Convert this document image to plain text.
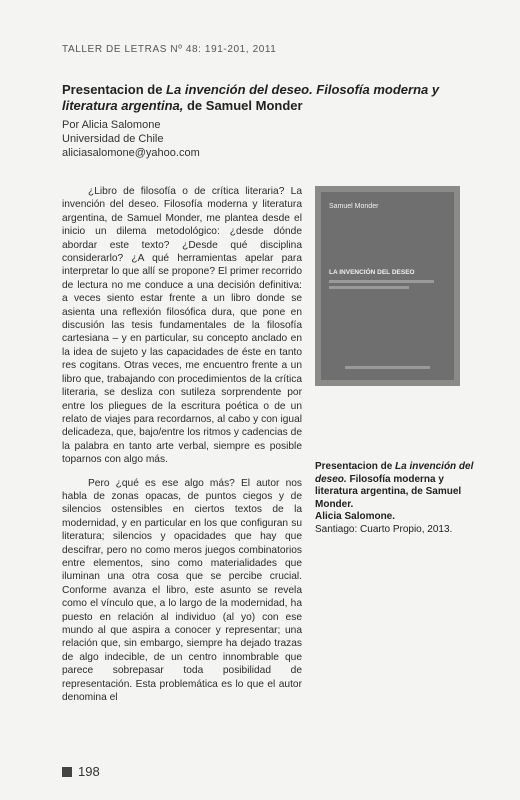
TALLER DE LETRAS Nº 48: 191-201, 2011
Presentacion de La invención del deseo. Filosofía moderna y literatura argentina, de Samuel Monder
Por Alicia Salomone
Universidad de Chile
aliciasalomone@yahoo.com

¿Libro de filosofía o de crítica literaria? La invención del deseo. Filosofía moderna y literatura argentina, de Samuel Monder, me plantea desde el inicio un dilema metodológico: ¿desde dónde abordar este texto? ¿Desde qué disciplina considerarlo? ¿A qué herramientas apelar para interpretar lo que allí se propone? El primer recorrido de lectura no me conduce a una decisión definitiva: a veces siento estar frente a un libro donde se asienta una reflexión filosófica dura, que pone en discusión las tesis fundamentales de la filosofía cartesiana – y en particular, su concepto anclado en la idea de sujeto y las capacidades de éste en tanto res cogitans. Otras veces, me encuentro frente a un libro que, trabajando con procedimientos de la crítica literaria, se desliza con sutileza sorprendente por entre los pliegues de la escritura poética o de un relato de viajes para recordarnos, al cabo y con igual delicadeza, que, bajo/entre los ritmos y cadencias de la palabra en tanto arte verbal, siempre es posible toparnos con algo más.

Pero ¿qué es ese algo más? El autor nos habla de zonas opacas, de puntos ciegos y de silencios ostensibles en ciertos textos de la modernidad, y en particular en los que configuran su literatura; silencios y opacidades que hay que descifrar, pero no como meros juegos combinatorios entre elementos, sino como materialidades que iluminan una otra cosa que se percibe crucial. Conforme avanza el libro, este asunto se revela como el vínculo que, a lo largo de la modernidad, ha puesto en relación al individuo (al yo) con ese mundo al que aspira a conocer y representar; una relación que, sin embargo, siempre ha dejado trazas de algo indecible, de un centro innombrable que parece sobrepasar toda posibilidad de representación. Esta problemática es lo que el autor denomina el

Samuel Monder
LA INVENCIÓN DEL DESEO
Presentacion de La invención del deseo. Filosofía moderna y literatura argentina, de Samuel Monder.
Alicia Salomone.
Santiago: Cuarto Propio, 2013.
198
